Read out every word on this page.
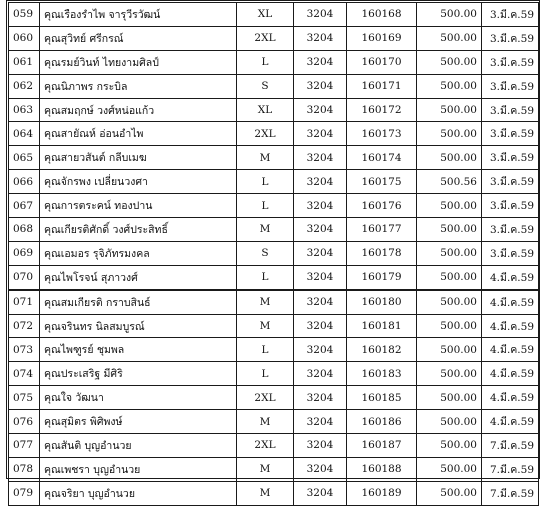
059	คุณเรืองรำไพ จารุวีรวัฒน์	XL	3204	160168	500.00	3.มี.ค.59
060	คุณสุวิทย์ ศรีกรณ์	2XL	3204	160169	500.00	3.มี.ค.59
061	คุณรมย์วินท์ ไทยงามศิลป์	L	3204	160170	500.00	3.มี.ค.59
062	คุณนิภาพร กระบิล	S	3204	160171	500.00	3.มี.ค.59
063	คุณสมฤกษ์ วงศ์หน่อแก้ว	XL	3204	160172	500.00	3.มี.ค.59
064	คุณสายัณห์ อ่อนอำไพ	2XL	3204	160173	500.00	3.มี.ค.59
065	คุณสายวสันต์ กลีบเมฆ	M	3204	160174	500.00	3.มี.ค.59
066	คุณจักรพง เปลี่ยนวงศา	L	3204	160175	500.56	3.มี.ค.59
067	คุณการตระคน์ ทองปาน	L	3204	160176	500.00	3.มี.ค.59
068	คุณเกียรติศักดิ์ วงศ์ประสิทธิ์	M	3204	160177	500.00	3.มี.ค.59
069	คุณเอมอร รุจิภัทรมงคล	S	3204	160178	500.00	3.มี.ค.59
070	คุณไพโรจน์ สุภาวงศ์	L	3204	160179	500.00	4.มี.ค.59
071	คุณสมเกียรติ กราบสินธ์	M	3204	160180	500.00	4.มี.ค.59
072	คุณจรินทร นิลสมบูรณ์	M	3204	160181	500.00	4.มี.ค.59
073	คุณไพฑูรย์ ชุมพล	L	3204	160182	500.00	4.มี.ค.59
074	คุณประเสริฐ มีศิริ	L	3204	160183	500.00	4.มี.ค.59
075	คุณใจ วัฒนา	2XL	3204	160185	500.00	4.มี.ค.59
076	คุณสุมิตร พิศิพงษ์	M	3204	160186	500.00	4.มี.ค.59
077	คุณสันติ บุญอำนวย	2XL	3204	160187	500.00	7.มี.ค.59
078	คุณเพชรา บุญอำนวย	M	3204	160188	500.00	7.มี.ค.59
079	คุณจริยา บุญอำนวย	M	3204	160189	500.00	7.มี.ค.59
